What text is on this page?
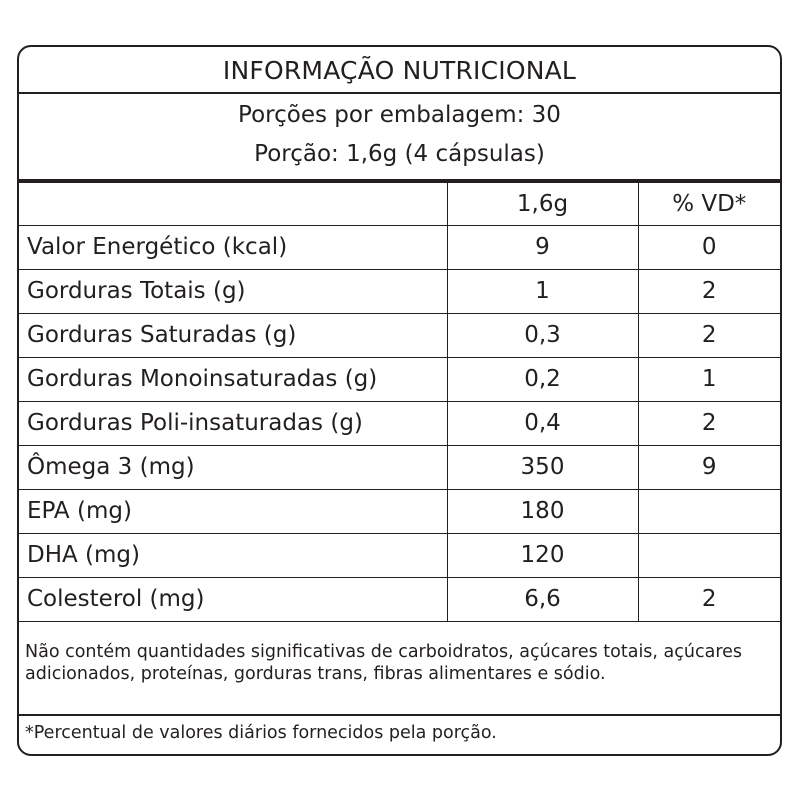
INFORMAÇÃO NUTRICIONAL
Porções por embalagem: 30
Porção: 1,6g (4 cápsulas)
	1,6g	% VD*
Valor Energético (kcal)	9	0
Gorduras Totais (g)	1	2
Gorduras Saturadas (g)	0,3	2
Gorduras Monoinsaturadas (g)	0,2	1
Gorduras Poli-insaturadas (g)	0,4	2
Ômega 3 (mg)	350	9
EPA (mg)	180	
DHA (mg)	120	
Colesterol (mg)	6,6	2
Não contém quantidades significativas de carboidratos, açúcares totais, açúcares adicionados, proteínas, gorduras trans, fibras alimentares e sódio.
*Percentual de valores diários fornecidos pela porção.
